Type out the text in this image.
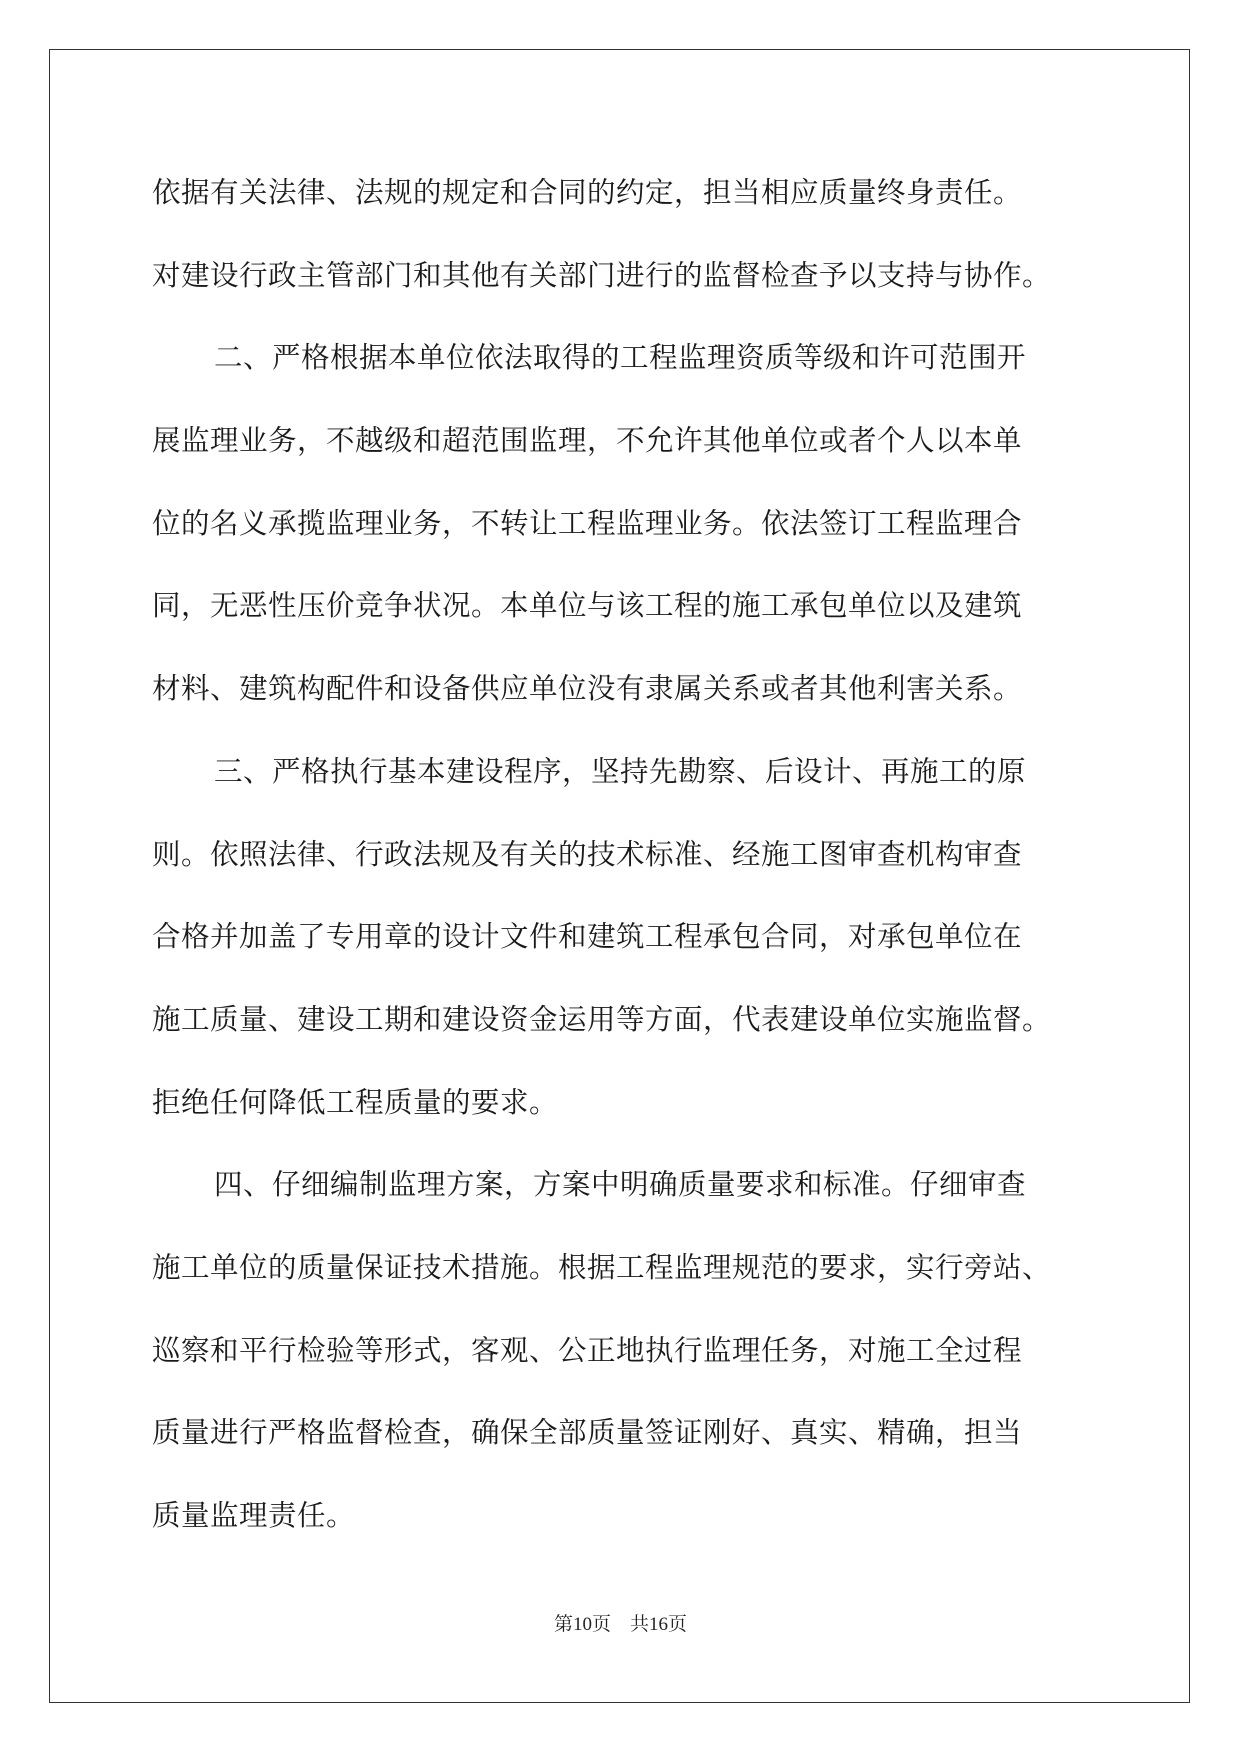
依据有关法律、法规的规定和合同的约定，担当相应质量终身责任。
对建设行政主管部门和其他有关部门进行的监督检查予以支持与协作。
二、严格根据本单位依法取得的工程监理资质等级和许可范围开
展监理业务，不越级和超范围监理，不允许其他单位或者个人以本单
位的名义承揽监理业务，不转让工程监理业务。依法签订工程监理合
同，无恶性压价竞争状况。本单位与该工程的施工承包单位以及建筑
材料、建筑构配件和设备供应单位没有隶属关系或者其他利害关系。
三、严格执行基本建设程序，坚持先勘察、后设计、再施工的原
则。依照法律、行政法规及有关的技术标准、经施工图审查机构审查
合格并加盖了专用章的设计文件和建筑工程承包合同，对承包单位在
施工质量、建设工期和建设资金运用等方面，代表建设单位实施监督。
拒绝任何降低工程质量的要求。
四、仔细编制监理方案，方案中明确质量要求和标准。仔细审查
施工单位的质量保证技术措施。根据工程监理规范的要求，实行旁站、
巡察和平行检验等形式，客观、公正地执行监理任务，对施工全过程
质量进行严格监督检查，确保全部质量签证刚好、真实、精确，担当
质量监理责任。
第10页　共16页
